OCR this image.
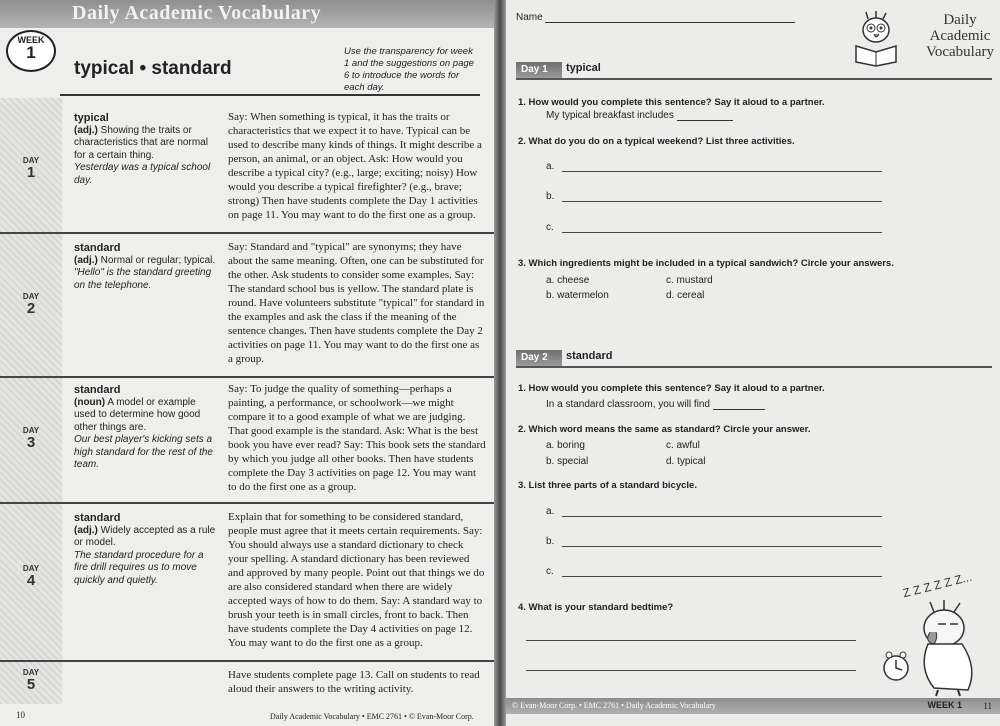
Daily Academic Vocabulary
WEEK
1
typical • standard
Use the transparency for week 1 and the suggestions on page 6 to introduce the words for each day.
DAY
1
typical
(adj.) Showing the traits or characteristics that are normal for a certain thing.
Yesterday was a typical school day.
Say: When something is typical, it has the traits or characteristics that we expect it to have. Typical can be used to describe many kinds of things. It might describe a person, an animal, or an object. Ask: How would you describe a typical city? (e.g., large; exciting; noisy) How would you describe a typical firefighter? (e.g., brave; strong) Then have students complete the Day 1 activities on page 11. You may want to do the first one as a group.
DAY
2
standard
(adj.) Normal or regular; typical.
"Hello" is the standard greeting on the telephone.
Say: Standard and "typical" are synonyms; they have about the same meaning. Often, one can be substituted for the other. Ask students to consider some examples. Say: The standard school bus is yellow. The standard plate is round. Have volunteers substitute "typical" for standard in the examples and ask the class if the meaning of the sentence changes. Then have students complete the Day 2 activities on page 11. You may want to do the first one as a group.
DAY
3
standard
(noun) A model or example used to determine how good other things are.
Our best player's kicking sets a high standard for the rest of the team.
Say: To judge the quality of something—perhaps a painting, a performance, or schoolwork—we might compare it to a good example of what we are judging. That good example is the standard. Ask: What is the best book you have ever read? Say: This book sets the standard by which you judge all other books. Then have students complete the Day 3 activities on page 12. You may want to do the first one as a group.
DAY
4
standard
(adj.) Widely accepted as a rule or model.
The standard procedure for a fire drill requires us to move quickly and quietly.
Explain that for something to be considered standard, people must agree that it meets certain requirements. Say: You should always use a standard dictionary to check your spelling. A standard dictionary has been reviewed and approved by many people. Point out that things we do are also considered standard when there are widely accepted ways of how to do them. Say: A standard way to brush your teeth is in small circles, front to back. Then have students complete the Day 4 activities on page 12. You may want to do the first one as a group.
DAY
5
Have students complete page 13. Call on students to read aloud their answers to the writing activity.
10	Daily Academic Vocabulary • EMC 2761 • © Evan-Moor Corp.
Name	Daily
Academic
Vocabulary
Day 1	typical
1. How would you complete this sentence? Say it aloud to a partner.
My typical breakfast includes
2. What do you do on a typical weekend? List three activities.
a.
b.
c.
3. Which ingredients might be included in a typical sandwich? Circle your answers.
a. cheese	c. mustard
b. watermelon	d. cereal
Day 2	standard
1. How would you complete this sentence? Say it aloud to a partner.
In a standard classroom, you will find
2. Which word means the same as standard? Circle your answer.
a. boring	c. awful
b. special	d. typical
3. List three parts of a standard bicycle.
a.
b.
c.
4. What is your standard bedtime?
Z Z Z Z Z Z...
© Evan-Moor Corp. • EMC 2761 • Daily Academic Vocabulary	WEEK 1 11
